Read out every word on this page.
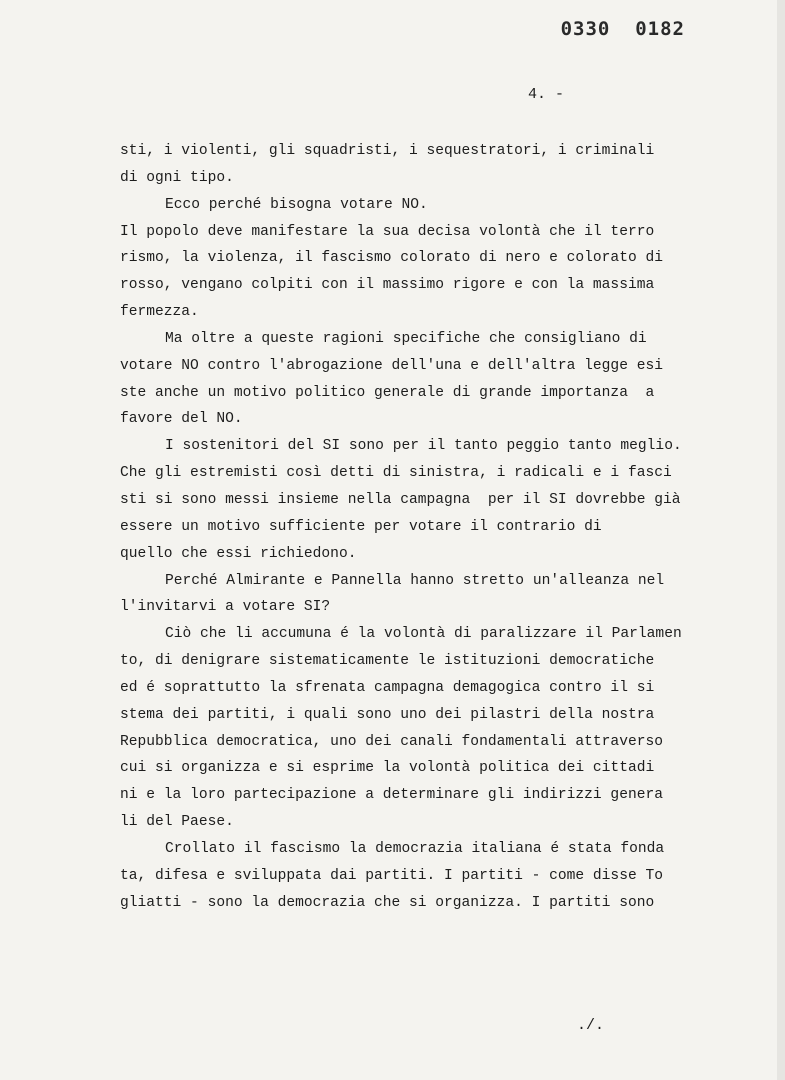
0330  0182
4. -
sti, i violenti, gli squadristi, i sequestratori, i criminali
di ogni tipo.
Ecco perché bisogna votare NO.
Il popolo deve manifestare la sua decisa volontà che il terro
rismo, la violenza, il fascismo colorato di nero e colorato di
rosso, vengano colpiti con il massimo rigore e con la massima
fermezza.
Ma oltre a queste ragioni specifiche che consigliano di
votare NO contro l'abrogazione dell'una e dell'altra legge esi
ste anche un motivo politico generale di grande importanza  a
favore del NO.
I sostenitori del SI sono per il tanto peggio tanto meglio.
Che gli estremisti così detti di sinistra, i radicali e i fasci
sti si sono messi insieme nella campagna  per il SI dovrebbe già
essere un motivo sufficiente per votare il contrario di
quello che essi richiedono.
Perché Almirante e Pannella hanno stretto un'alleanza nel
l'invitarvi a votare SI?
Ciò che li accumuna é la volontà di paralizzare il Parlamen
to, di denigrare sistematicamente le istituzioni democratiche
ed é soprattutto la sfrenata campagna demagogica contro il si
stema dei partiti, i quali sono uno dei pilastri della nostra
Repubblica democratica, uno dei canali fondamentali attraverso
cui si organizza e si esprime la volontà politica dei cittadi
ni e la loro partecipazione a determinare gli indirizzi genera
li del Paese.
Crollato il fascismo la democrazia italiana é stata fonda
ta, difesa e sviluppata dai partiti. I partiti - come disse To
gliatti - sono la democrazia che si organizza. I partiti sono
./.
